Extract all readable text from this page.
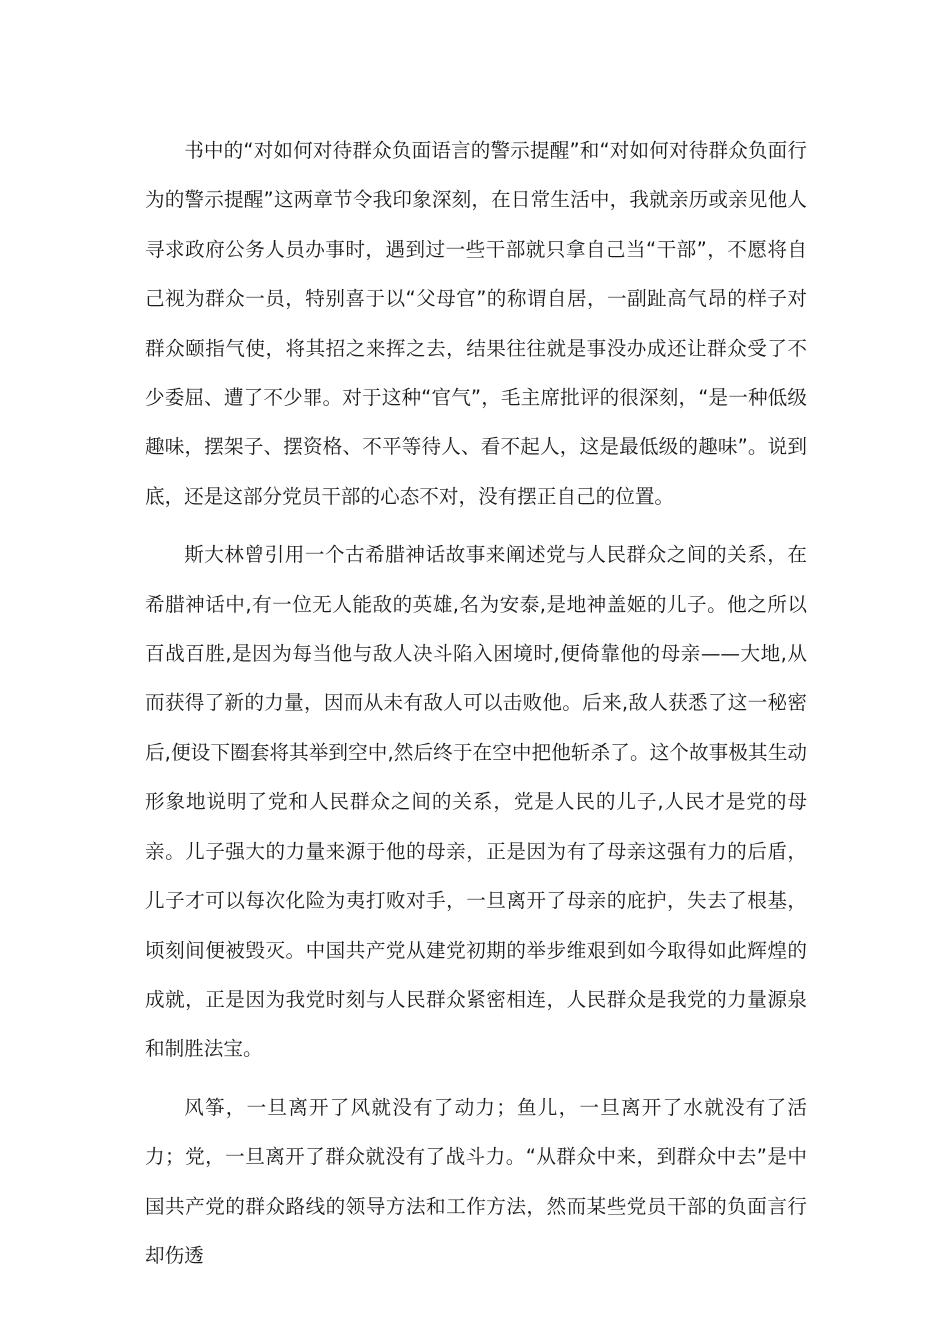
书中的“对如何对待群众负面语言的警示提醒”和“对如何对待群众负面行为的警示提醒”这两章节令我印象深刻，在日常生活中，我就亲历或亲见他人寻求政府公务人员办事时，遇到过一些干部就只拿自己当“干部”，不愿将自己视为群众一员，特别喜于以“父母官”的称谓自居，一副趾高气昂的样子对群众颐指气使，将其招之来挥之去，结果往往就是事没办成还让群众受了不少委屈、遭了不少罪。对于这种“官气”，毛主席批评的很深刻，“是一种低级趣味，摆架子、摆资格、不平等待人、看不起人，这是最低级的趣味”。说到底，还是这部分党员干部的心态不对，没有摆正自己的位置。

斯大林曾引用一个古希腊神话故事来阐述党与人民群众之间的关系，在希腊神话中,有一位无人能敌的英雄,名为安泰,是地神盖姬的儿子。他之所以百战百胜,是因为每当他与敌人决斗陷入困境时,便倚靠他的母亲——大地,从而获得了新的力量，因而从未有敌人可以击败他。后来,敌人获悉了这一秘密后,便设下圈套将其举到空中,然后终于在空中把他斩杀了。这个故事极其生动形象地说明了党和人民群众之间的关系，党是人民的儿子,人民才是党的母亲。儿子强大的力量来源于他的母亲，正是因为有了母亲这强有力的后盾，儿子才可以每次化险为夷打败对手，一旦离开了母亲的庇护，失去了根基，顷刻间便被毁灭。中国共产党从建党初期的举步维艰到如今取得如此辉煌的成就，正是因为我党时刻与人民群众紧密相连，人民群众是我党的力量源泉和制胜法宝。

风筝，一旦离开了风就没有了动力；鱼儿，一旦离开了水就没有了活力；党，一旦离开了群众就没有了战斗力。“从群众中来，到群众中去”是中国共产党的群众路线的领导方法和工作方法，然而某些党员干部的负面言行却伤透
